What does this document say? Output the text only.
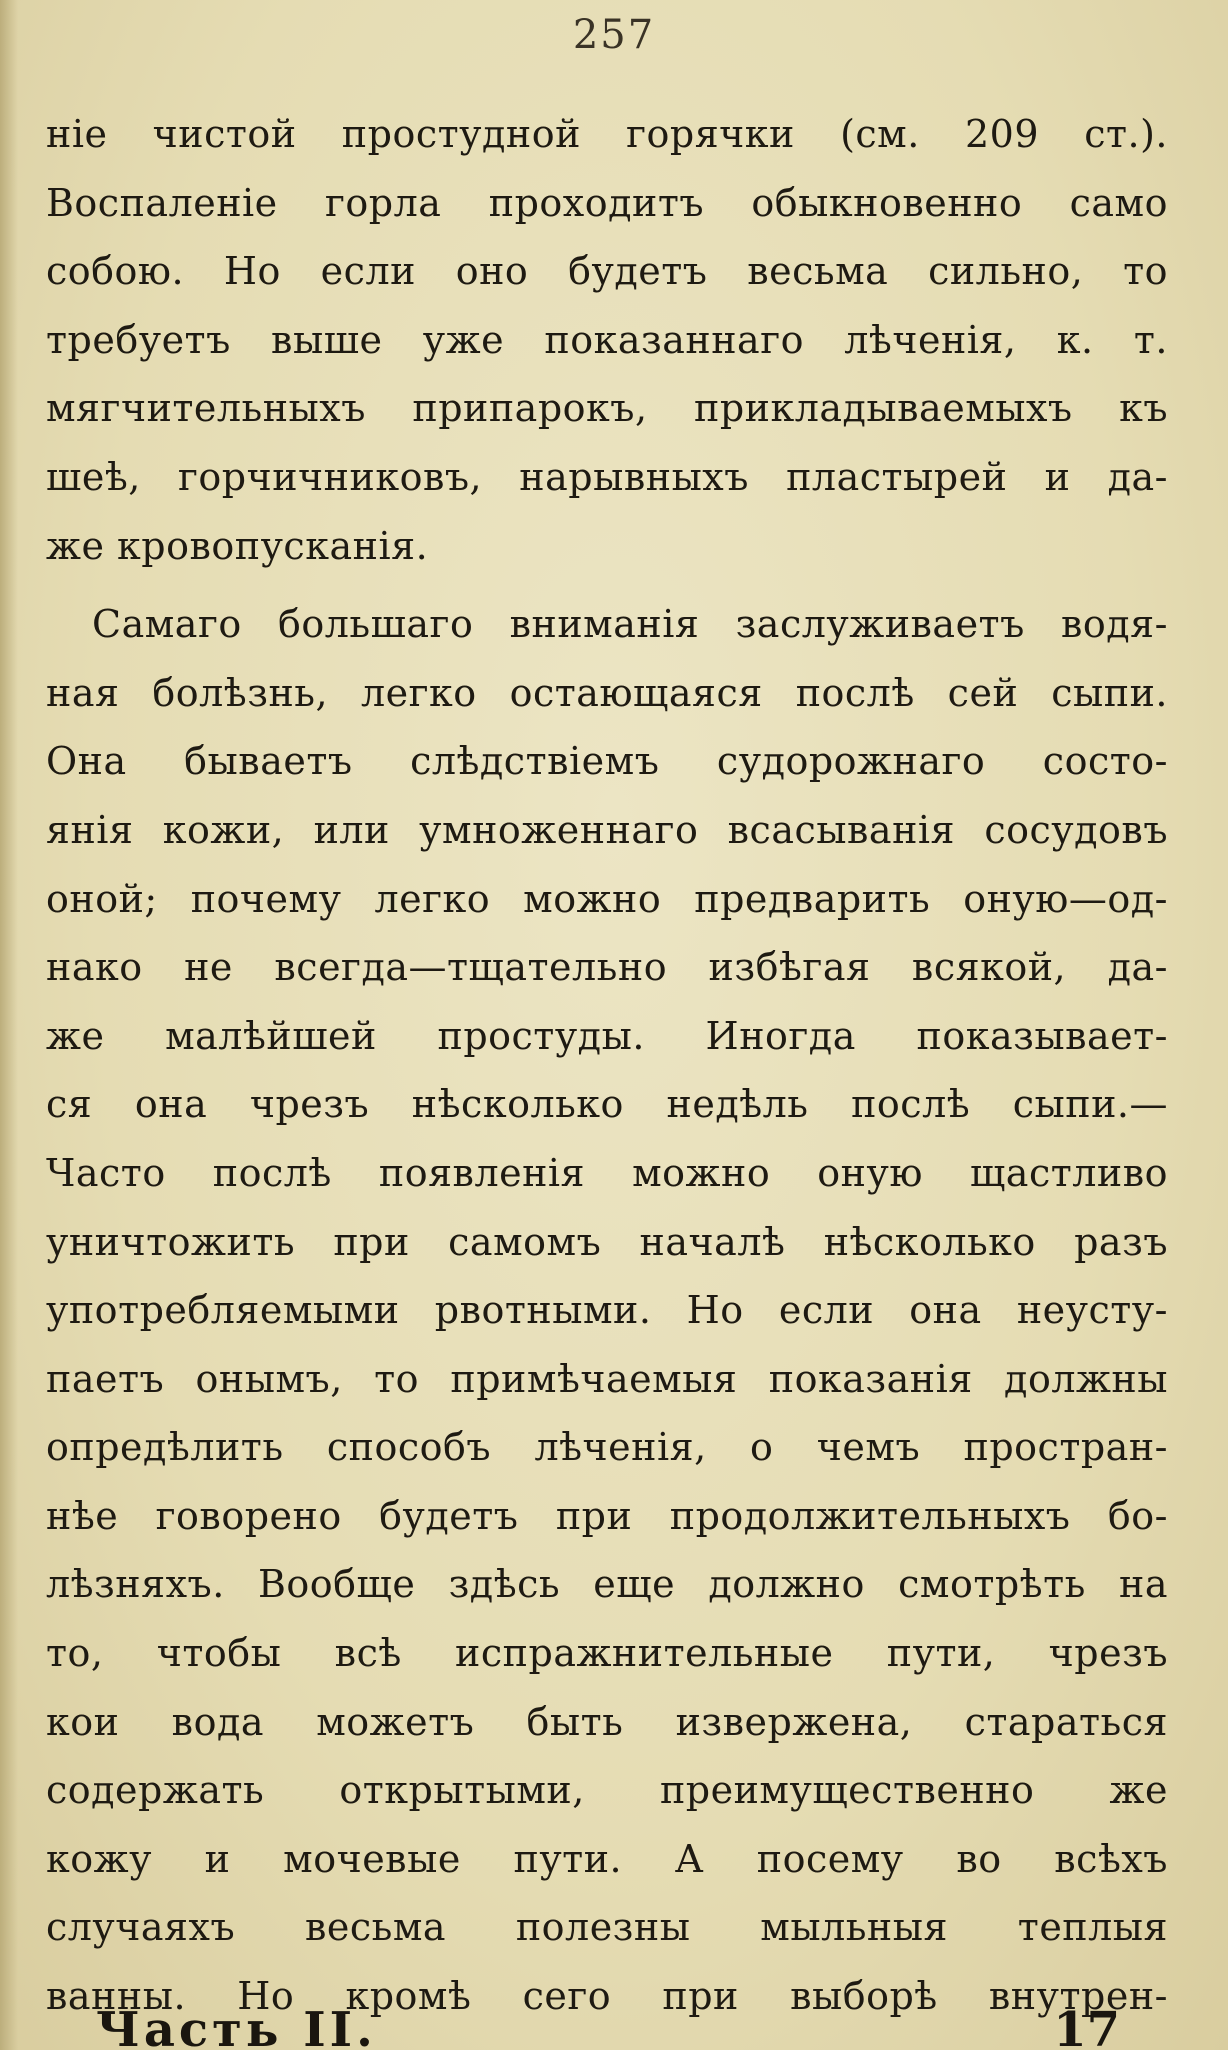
257
ніе чистой простудной горячки (см. 209 ст.).
Воспаленіе горла проходитъ обыкновенно само
собою. Но если оно будетъ весьма сильно, то
требуетъ выше уже показаннаго лѣченія, к. т.
мягчительныхъ припарокъ, прикладываемыхъ къ
шеѣ, горчичниковъ, нарывныхъ пластырей и да-
же кровопусканія.
Самаго большаго вниманія заслуживаетъ водя-
ная болѣзнь, легко остающаяся послѣ сей сыпи.
Она бываетъ слѣдствіемъ судорожнаго состо-
янія кожи, или умноженнаго всасыванія сосудовъ
оной; почему легко можно предварить оную—од-
нако не всегда—тщательно избѣгая всякой, да-
же малѣйшей простуды. Иногда показывает-
ся она чрезъ нѣсколько недѣль послѣ сыпи.—
Часто послѣ появленія можно оную щастливо
уничтожить при самомъ началѣ нѣсколько разъ
употребляемыми рвотными. Но если она неусту-
паетъ онымъ, то примѣчаемыя показанія должны
опредѣлить способъ лѣченія, о чемъ простран-
нѣе говорено будетъ при продолжительныхъ бо-
лѣзняхъ. Вообще здѣсь еще должно смотрѣть на
то, чтобы всѣ испражнительные пути, чрезъ
кои вода можетъ быть извержена, стараться
содержать открытыми, преимущественно же
кожу и мочевые пути. А посему во всѣхъ
случаяхъ весьма полезны мыльныя теплыя
ванны. Но кромѣ сего при выборѣ внутрен-
Часть II.	17
